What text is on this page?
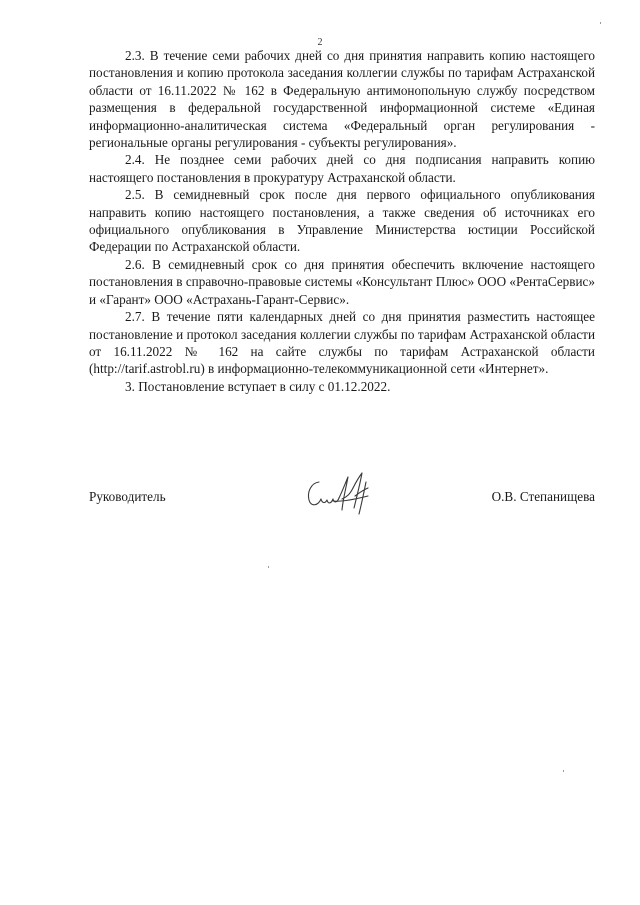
2

2.3. В течение семи рабочих дней со дня принятия направить копию настоящего постановления и копию протокола заседания коллегии службы по тарифам Астраханской области от 16.11.2022 № 162 в Федеральную антимонопольную службу посредством размещения в федеральной государственной информационной системе «Единая информационно-аналитическая система «Федеральный орган регулирования - региональные органы регулирования - субъекты регулирования».

2.4. Не позднее семи рабочих дней со дня подписания направить копию настоящего постановления в прокуратуру Астраханской области.

2.5. В семидневный срок после дня первого официального опубликования направить копию настоящего постановления, а также сведения об источниках его официального опубликования в Управление Министерства юстиции Российской Федерации по Астраханской области.

2.6. В семидневный срок со дня принятия обеспечить включение настоящего постановления в справочно-правовые системы «Консультант Плюс» ООО «РентаСервис» и «Гарант» ООО «Астрахань-Гарант-Сервис».

2.7. В течение пяти календарных дней со дня принятия разместить настоящее постановление и протокол заседания коллегии службы по тарифам Астраханской области от 16.11.2022 № 162 на сайте службы по тарифам Астраханской области (http://tarif.astrobl.ru) в информационно-телекоммуникационной сети «Интернет».

3. Постановление вступает в силу с 01.12.2022.

Руководитель	О.В. Степанищева
